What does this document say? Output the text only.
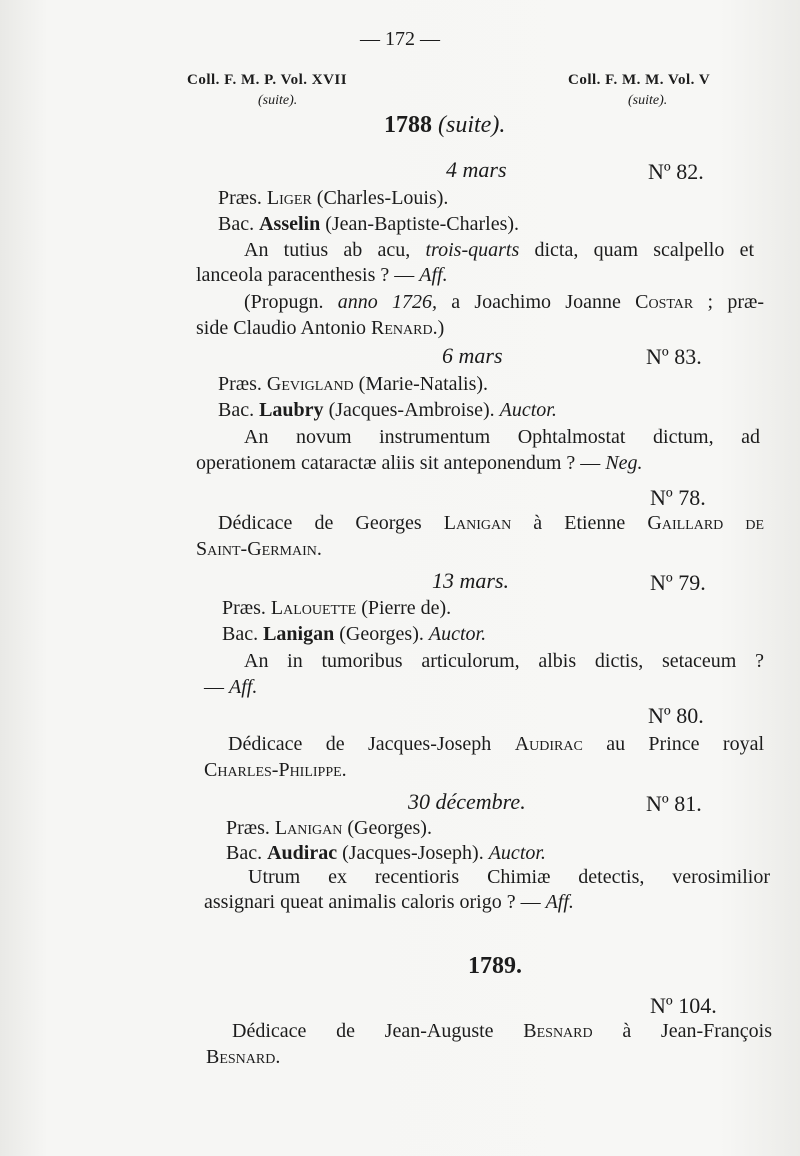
— 172 —
Coll. F. M. P. Vol. XVII
(suite).
Coll. F. M. M. Vol. V
(suite).
1788 (suite).
4 mars	Nº 82.
Præs. Liger (Charles-Louis).
Bac. Asselin (Jean-Baptiste-Charles).
An tutius ab acu, trois-quarts dicta, quam scalpello et
lanceola paracenthesis ? — Aff.
(Propugn. anno 1726, a Joachimo Joanne Costar ; præ-
side Claudio Antonio Renard.)
6 mars	Nº 83.
Præs. Gevigland (Marie-Natalis).
Bac. Laubry (Jacques-Ambroise). Auctor.
An novum instrumentum Ophtalmostat dictum, ad
operationem cataractæ aliis sit anteponendum ? — Neg.
Nº 78.
Dédicace de Georges Lanigan à Etienne Gaillard de
Saint-Germain.
13 mars.	Nº 79.
Præs. Lalouette (Pierre de).
Bac. Lanigan (Georges). Auctor.
An in tumoribus articulorum, albis dictis, setaceum ?
— Aff.
Nº 80.
Dédicace de Jacques-Joseph Audirac au Prince royal
Charles-Philippe.
30 décembre.	Nº 81.
Præs. Lanigan (Georges).
Bac. Audirac (Jacques-Joseph). Auctor.
Utrum ex recentioris Chimiæ detectis, verosimilior
assignari queat animalis caloris origo ? — Aff.
1789.
Nº 104.
Dédicace de Jean-Auguste Besnard à Jean-François
Besnard.
